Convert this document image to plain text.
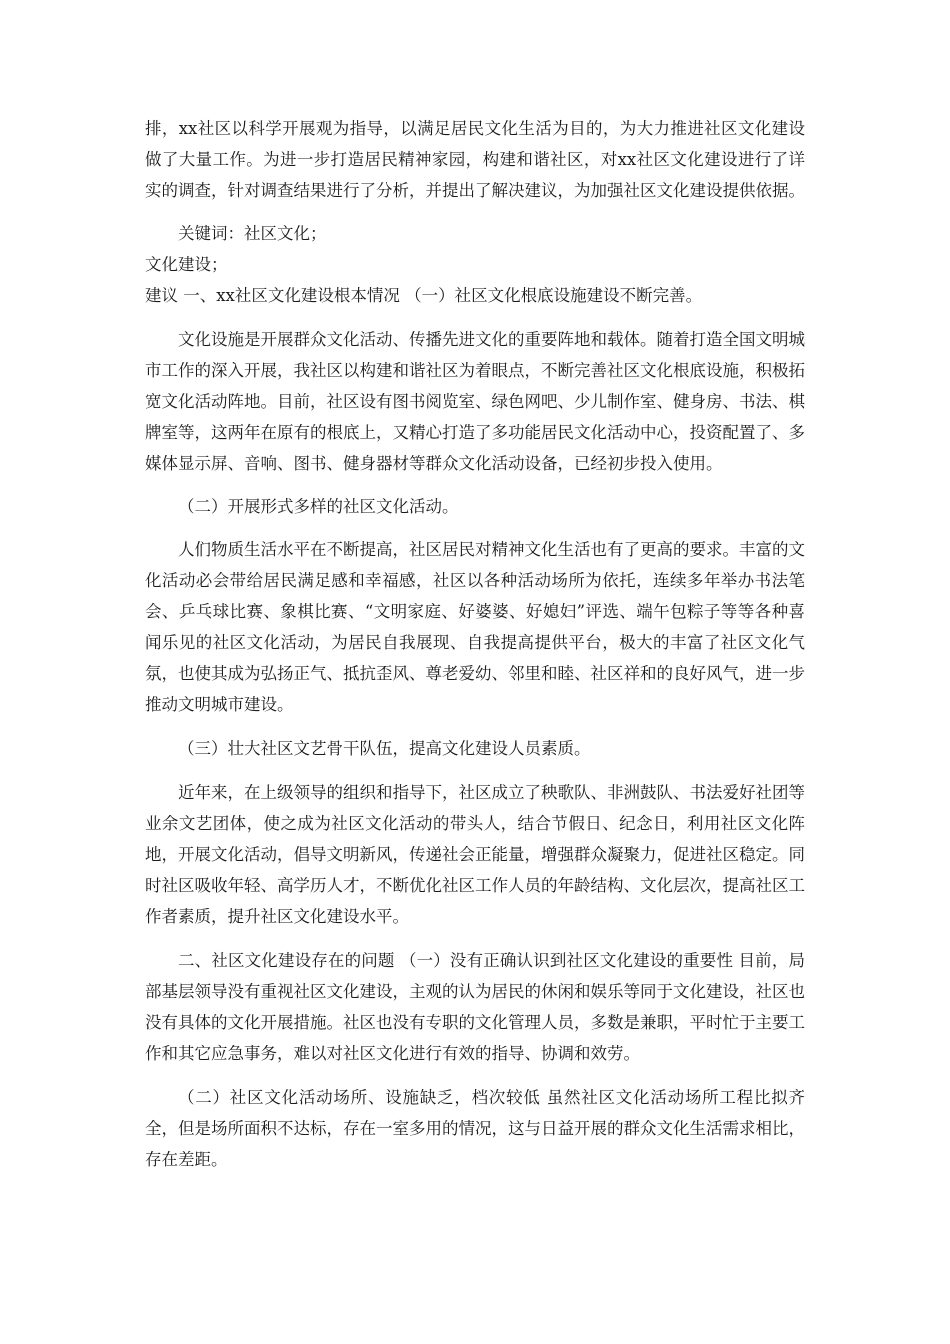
排，xx社区以科学开展观为指导，以满足居民文化生活为目的，为大力推进社区文化建设做了大量工作。为进一步打造居民精神家园，构建和谐社区，对xx社区文化建设进行了详实的调查，针对调查结果进行了分析，并提出了解决建议，为加强社区文化建设提供依据。

关键词：社区文化；

文化建设；

建议 一、xx社区文化建设根本情况 （一）社区文化根底设施建设不断完善。

文化设施是开展群众文化活动、传播先进文化的重要阵地和载体。随着打造全国文明城市工作的深入开展，我社区以构建和谐社区为着眼点，不断完善社区文化根底设施，积极拓宽文化活动阵地。目前，社区设有图书阅览室、绿色网吧、少儿制作室、健身房、书法、棋牌室等，这两年在原有的根底上，又精心打造了多功能居民文化活动中心，投资配置了、多媒体显示屏、音响、图书、健身器材等群众文化活动设备，已经初步投入使用。

（二）开展形式多样的社区文化活动。

人们物质生活水平在不断提高，社区居民对精神文化生活也有了更高的要求。丰富的文化活动必会带给居民满足感和幸福感，社区以各种活动场所为依托，连续多年举办书法笔会、乒乓球比赛、象棋比赛、“文明家庭、好婆婆、好媳妇”评选、端午包粽子等等各种喜闻乐见的社区文化活动，为居民自我展现、自我提高提供平台，极大的丰富了社区文化气氛，也使其成为弘扬正气、抵抗歪风、尊老爱幼、邻里和睦、社区祥和的良好风气，进一步推动文明城市建设。

（三）壮大社区文艺骨干队伍，提高文化建设人员素质。

近年来，在上级领导的组织和指导下，社区成立了秧歌队、非洲鼓队、书法爱好社团等业余文艺团体，使之成为社区文化活动的带头人，结合节假日、纪念日，利用社区文化阵地，开展文化活动，倡导文明新风，传递社会正能量，增强群众凝聚力，促进社区稳定。同时社区吸收年轻、高学历人才，不断优化社区工作人员的年龄结构、文化层次，提高社区工作者素质，提升社区文化建设水平。

二、社区文化建设存在的问题 （一）没有正确认识到社区文化建设的重要性 目前，局部基层领导没有重视社区文化建设，主观的认为居民的休闲和娱乐等同于文化建设，社区也没有具体的文化开展措施。社区也没有专职的文化管理人员，多数是兼职，平时忙于主要工作和其它应急事务，难以对社区文化进行有效的指导、协调和效劳。

（二）社区文化活动场所、设施缺乏，档次较低 虽然社区文化活动场所工程比拟齐全，但是场所面积不达标，存在一室多用的情况，这与日益开展的群众文化生活需求相比，存在差距。
